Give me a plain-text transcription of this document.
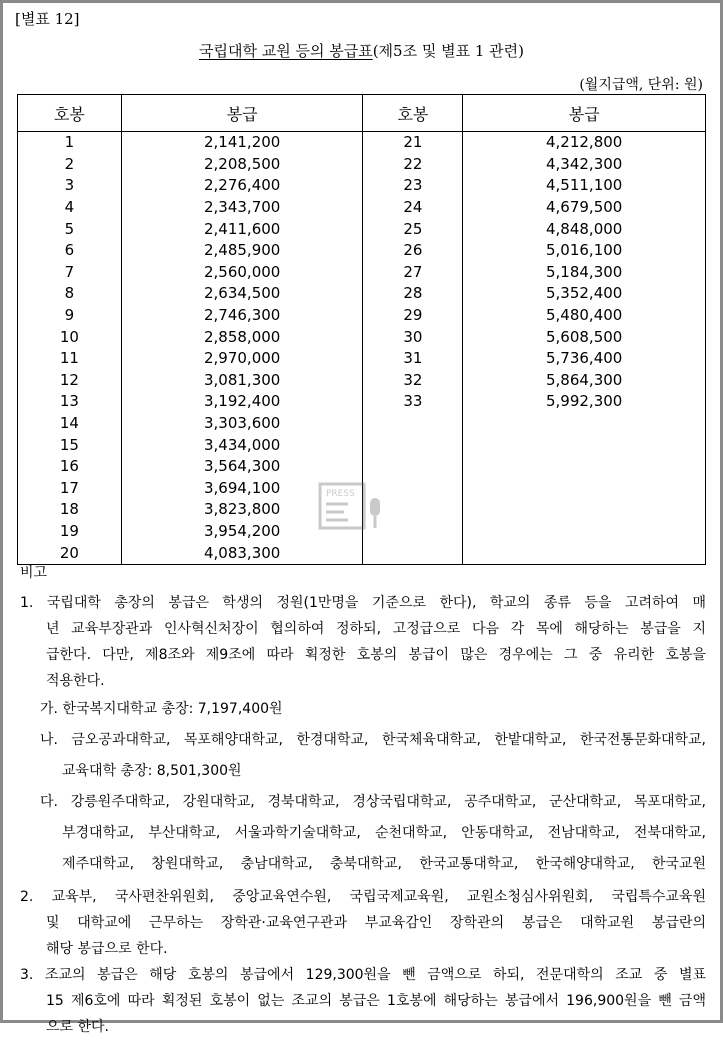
[별표 12]
국립대학 교원 등의 봉급표(제5조 및 별표 1 관련)
(월지급액, 단위: 원)
호봉	봉급	호봉	봉급
1	2,141,200	21	4,212,800
2	2,208,500	22	4,342,300
3	2,276,400	23	4,511,100
4	2,343,700	24	4,679,500
5	2,411,600	25	4,848,000
6	2,485,900	26	5,016,100
7	2,560,000	27	5,184,300
8	2,634,500	28	5,352,400
9	2,746,300	29	5,480,400
10	2,858,000	30	5,608,500
11	2,970,000	31	5,736,400
12	3,081,300	32	5,864,300
13	3,192,400	33	5,992,300
14	3,303,600		
15	3,434,000		
16	3,564,300		
17	3,694,100		
18	3,823,800		
19	3,954,200		
20	4,083,300		
PRESS
비고
1. 국립대학 총장의 봉급은 학생의 정원(1만명을 기준으로 한다), 학교의 종류 등을 고려하여 매
년 교육부장관과 인사혁신처장이 협의하여 정하되, 고정급으로 다음 각 목에 해당하는 봉급을 지
급한다. 다만, 제8조와 제9조에 따라 획정한 호봉의 봉급이 많은 경우에는 그 중 유리한 호봉을
적용한다.
가. 한국복지대학교 총장: 7,197,400원
나. 금오공과대학교, 목포해양대학교, 한경대학교, 한국체육대학교, 한밭대학교, 한국전통문화대학교,
교육대학 총장: 8,501,300원
다. 강릉원주대학교, 강원대학교, 경북대학교, 경상국립대학교, 공주대학교, 군산대학교, 목포대학교,
부경대학교, 부산대학교, 서울과학기술대학교, 순천대학교, 안동대학교, 전남대학교, 전북대학교,
제주대학교, 창원대학교, 충남대학교, 충북대학교, 한국교통대학교, 한국해양대학교, 한국교원
2. 교육부, 국사편찬위원회, 중앙교육연수원, 국립국제교육원, 교원소청심사위원회, 국립특수교육원
및 대학교에 근무하는 장학관·교육연구관과 부교육감인 장학관의 봉급은 대학교원 봉급란의
해당 봉급으로 한다.
3. 조교의 봉급은 해당 호봉의 봉급에서 129,300원을 뺀 금액으로 하되, 전문대학의 조교 중 별표
15 제6호에 따라 획정된 호봉이 없는 조교의 봉급은 1호봉에 해당하는 봉급에서 196,900원을 뺀 금액
으로 한다.
